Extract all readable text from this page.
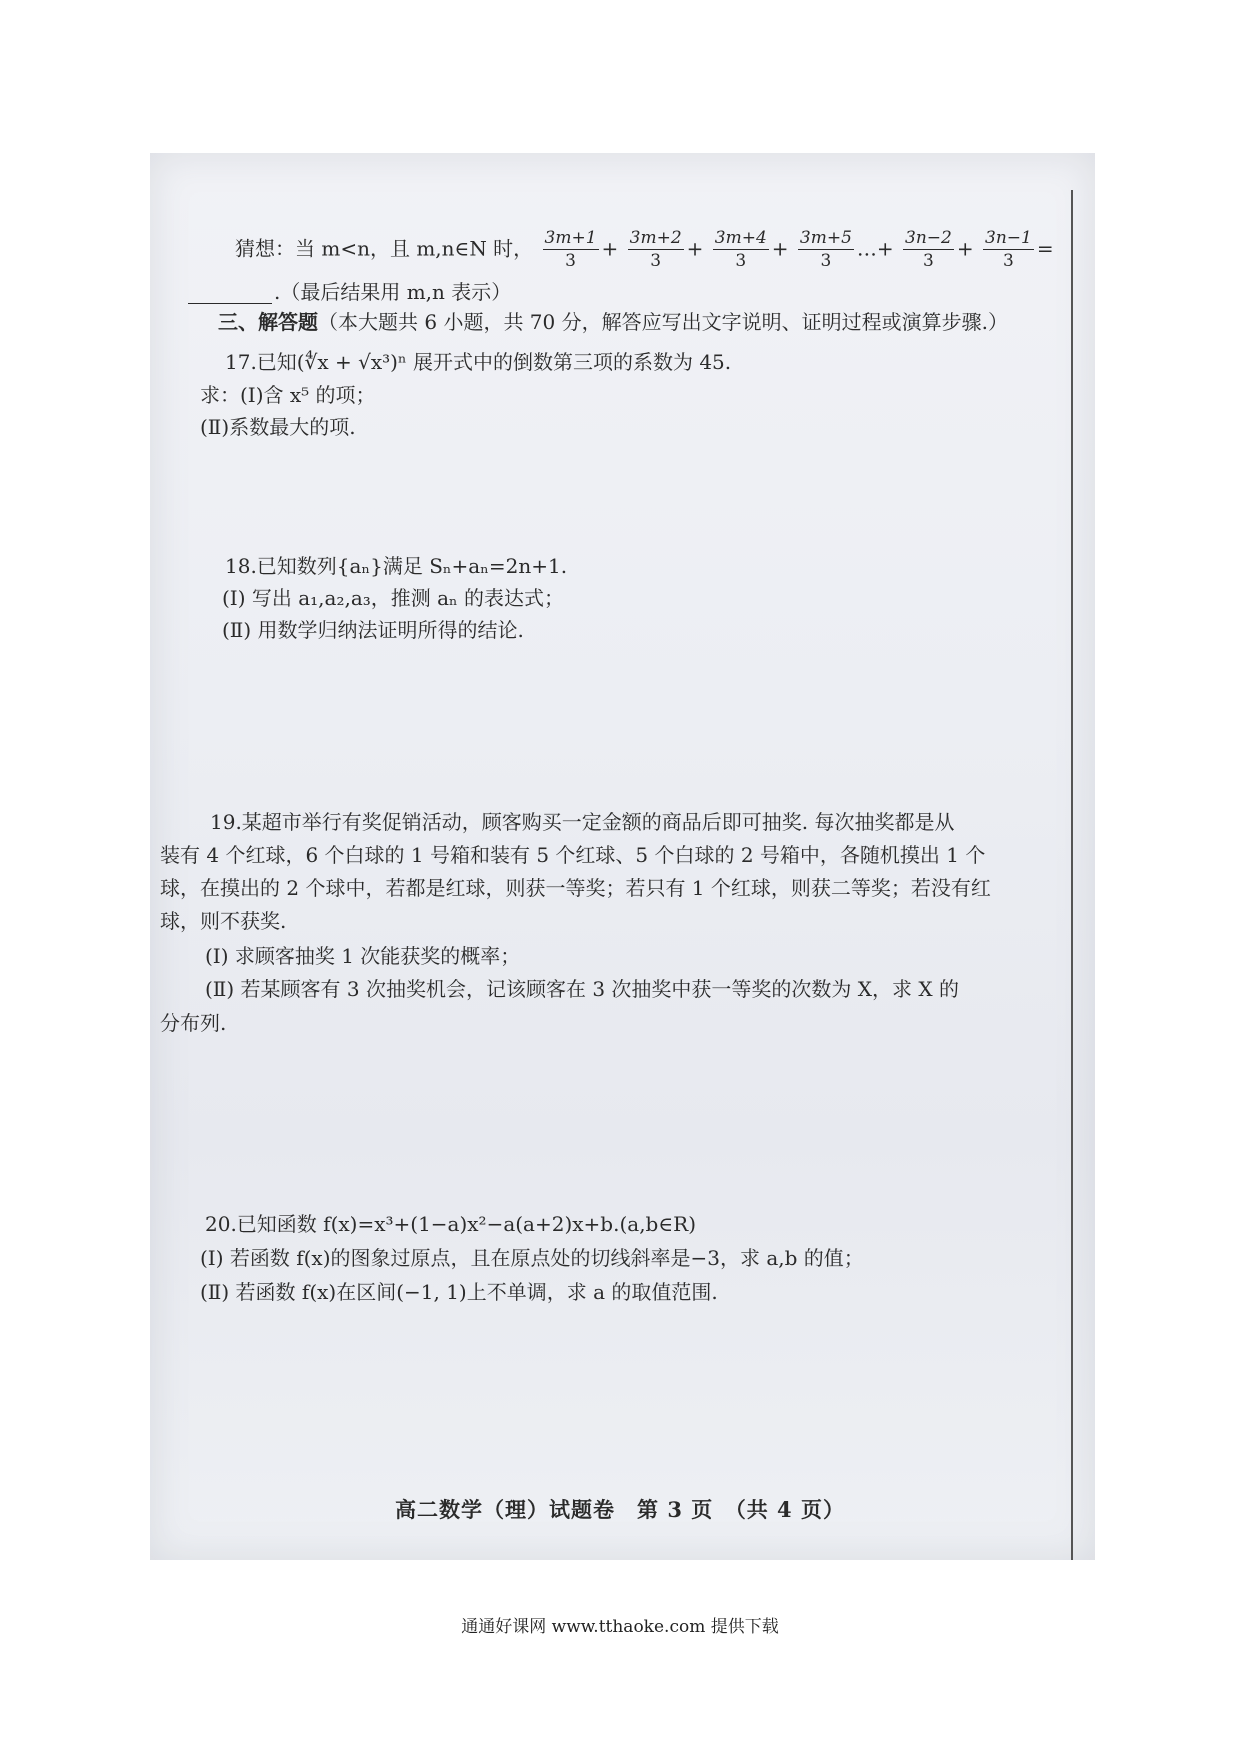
猜想：当 m<n，且 m,n∈N 时， $\frac{3m+1}{3} + \frac{3m+2}{3} + \frac{3m+4}{3} + \frac{3m+5}{3}$ …+ $\frac{3n-2}{3} + \frac{3n-1}{3}$ =
.（最后结果用 m,n 表示）
三、解答题（本大题共 6 小题，共 70 分，解答应写出文字说明、证明过程或演算步骤.）
17.已知(∜x + √x³)ⁿ 展开式中的倒数第三项的系数为 45.
求：(Ⅰ)含 x⁵ 的项；
(Ⅱ)系数最大的项.
18.已知数列{aₙ}满足 Sₙ+aₙ=2n+1.
(Ⅰ) 写出 a₁,a₂,a₃，推测 aₙ 的表达式；
(Ⅱ) 用数学归纳法证明所得的结论.
19.某超市举行有奖促销活动，顾客购买一定金额的商品后即可抽奖. 每次抽奖都是从
装有 4 个红球，6 个白球的 1 号箱和装有 5 个红球、5 个白球的 2 号箱中，各随机摸出 1 个
球，在摸出的 2 个球中，若都是红球，则获一等奖；若只有 1 个红球，则获二等奖；若没有红
球，则不获奖.
(Ⅰ) 求顾客抽奖 1 次能获奖的概率；
(Ⅱ) 若某顾客有 3 次抽奖机会，记该顾客在 3 次抽奖中获一等奖的次数为 X，求 X 的
分布列.
20.已知函数 f(x)=x³+(1−a)x²−a(a+2)x+b.(a,b∈R)
(Ⅰ) 若函数 f(x)的图象过原点，且在原点处的切线斜率是−3，求 a,b 的值；
(Ⅱ) 若函数 f(x)在区间(−1, 1)上不单调，求 a 的取值范围.
高二数学（理）试题卷　第 3 页　（共 4 页）
通通好课网 www.tthaoke.com 提供下载
